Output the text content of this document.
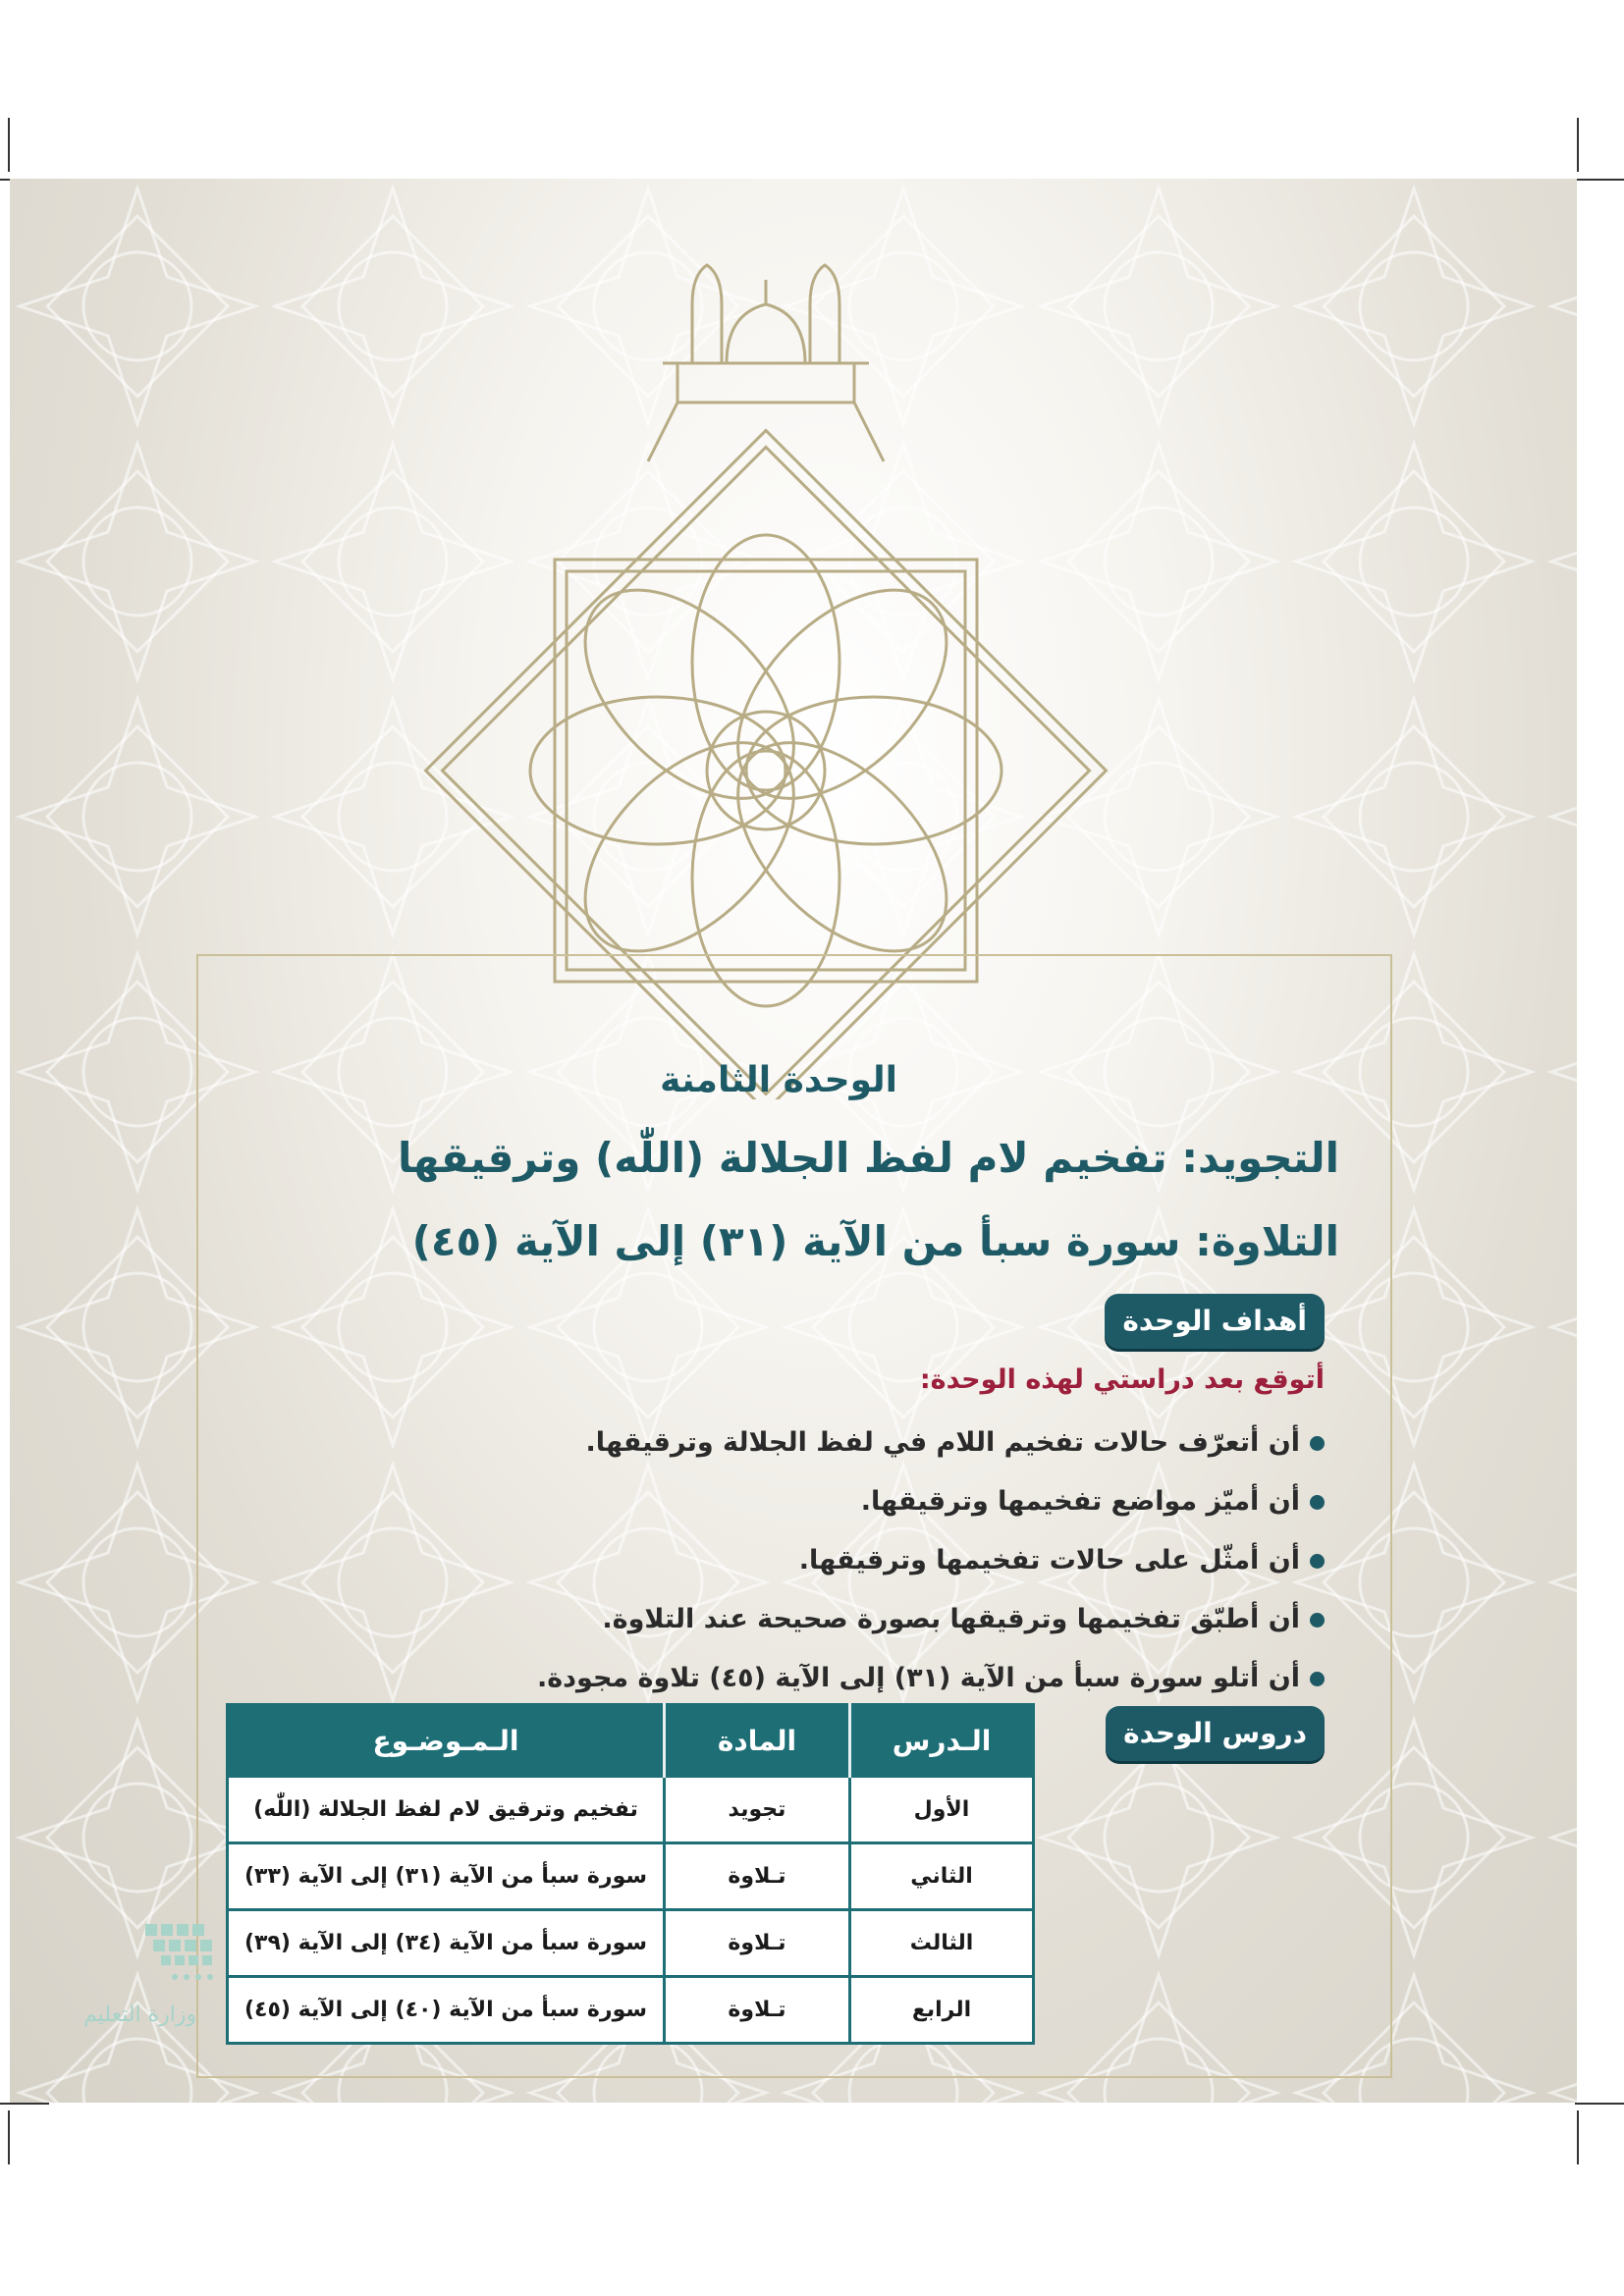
الوحدة الثامنة
التجويد: تفخيم لام لفظ الجلالة (اللّٰه) وترقيقها
التلاوة: سورة سبأ من الآية (٣١) إلى الآية (٤٥)
أهداف الوحدة
أتوقع بعد دراستي لهذه الوحدة:
أن أتعرّف حالات تفخيم اللام في لفظ الجلالة وترقيقها.
أن أميّز مواضع تفخيمها وترقيقها.
أن أمثّل على حالات تفخيمها وترقيقها.
أن أطبّق تفخيمها وترقيقها بصورة صحيحة عند التلاوة.
أن أتلو سورة سبأ من الآية (٣١) إلى الآية (٤٥) تلاوة مجودة.
دروس الوحدة
الـدرس	المادة	الـمـوضـوع
الأول	تجويد	تفخيم وترقيق لام لفظ الجلالة (اللّٰه)
الثاني	تـلاوة	سورة سبأ من الآية (٣١) إلى الآية (٣٣)
الثالث	تـلاوة	سورة سبأ من الآية (٣٤) إلى الآية (٣٩)
الرابع	تـلاوة	سورة سبأ من الآية (٤٠) إلى الآية (٤٥)
وزارة التعليم
